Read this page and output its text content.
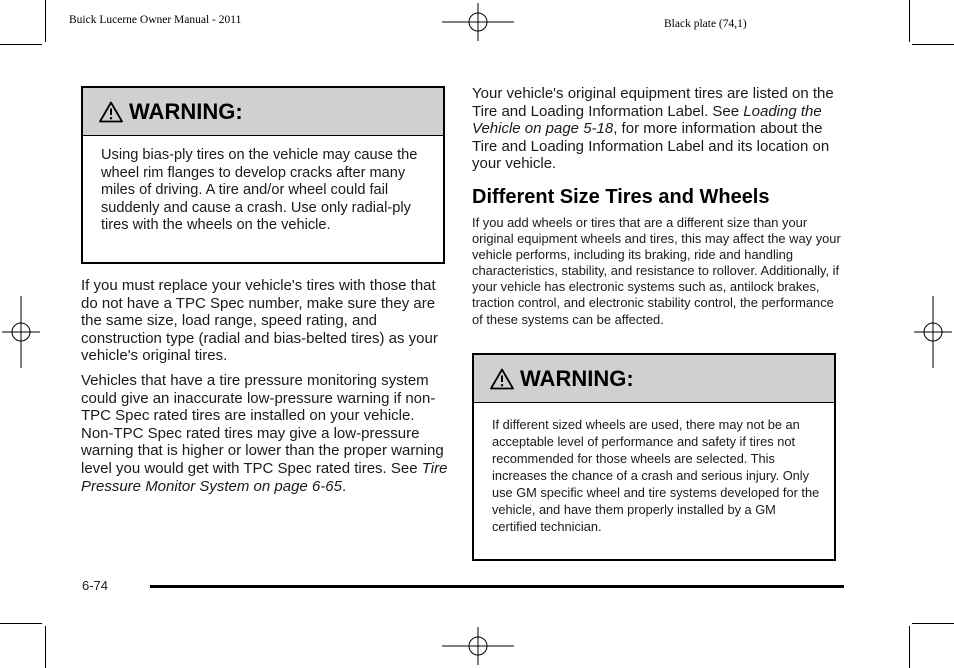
Buick Lucerne Owner Manual - 2011	Black plate (74,1)
WARNING:
Using bias-ply tires on the vehicle may cause the wheel rim flanges to develop cracks after many miles of driving. A tire and/or wheel could fail suddenly and cause a crash. Use only radial-ply tires with the wheels on the vehicle.

If you must replace your vehicle's tires with those that do not have a TPC Spec number, make sure they are the same size, load range, speed rating, and construction type (radial and bias-belted tires) as your vehicle's original tires.

Vehicles that have a tire pressure monitoring system could give an inaccurate low-pressure warning if non-TPC Spec rated tires are installed on your vehicle. Non-TPC Spec rated tires may give a low-pressure warning that is higher or lower than the proper warning level you would get with TPC Spec rated tires. See Tire Pressure Monitor System on page 6-65.

Your vehicle's original equipment tires are listed on the Tire and Loading Information Label. See Loading the Vehicle on page 5-18, for more information about the Tire and Loading Information Label and its location on your vehicle.

Different Size Tires and Wheels

If you add wheels or tires that are a different size than your original equipment wheels and tires, this may affect the way your vehicle performs, including its braking, ride and handling characteristics, stability, and resistance to rollover. Additionally, if your vehicle has electronic systems such as, antilock brakes, traction control, and electronic stability control, the performance of these systems can be affected.

WARNING:
If different sized wheels are used, there may not be an acceptable level of performance and safety if tires not recommended for those wheels are selected. This increases the chance of a crash and serious injury. Only use GM specific wheel and tire systems developed for the vehicle, and have them properly installed by a GM certified technician.
6-74
